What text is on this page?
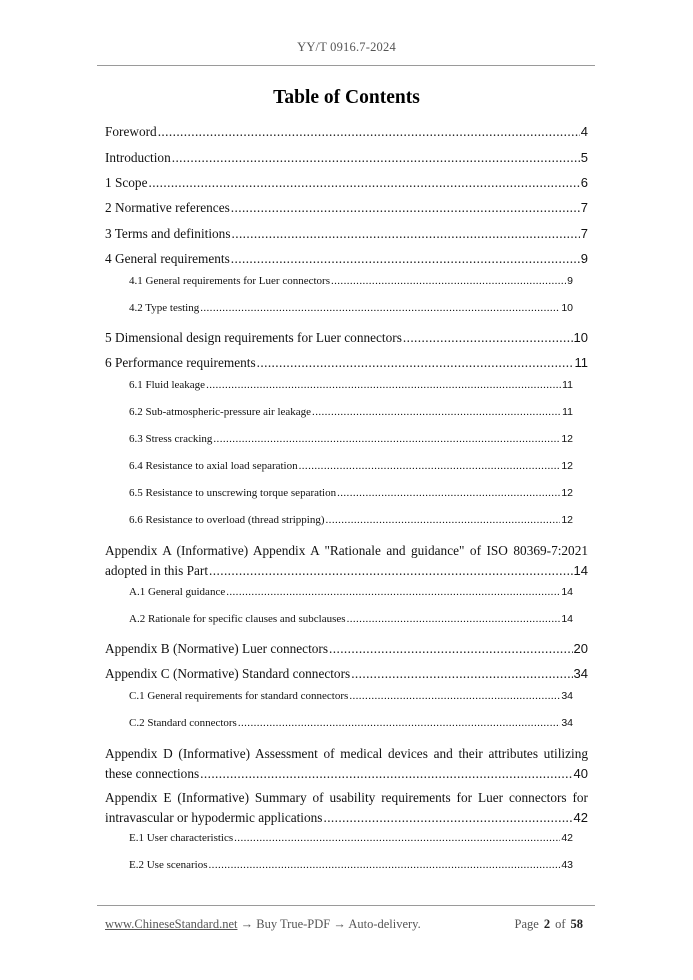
YY/T 0916.7-2024
Table of Contents
Foreword .....	4
Introduction .....	5
1 Scope .....	6
2 Normative references .....	7
3 Terms and definitions .....	7
4 General requirements .....	9
4.1 General requirements for Luer connectors .....	9
4.2 Type testing .....	10
5 Dimensional design requirements for Luer connectors .....	10
6 Performance requirements .....	11
6.1 Fluid leakage .....	11
6.2 Sub-atmospheric-pressure air leakage .....	11
6.3 Stress cracking .....	12
6.4 Resistance to axial load separation .....	12
6.5 Resistance to unscrewing torque separation .....	12
6.6 Resistance to overload (thread stripping) .....	12
Appendix A (Informative) Appendix A "Rationale and guidance" of ISO 80369-7:2021
adopted in this Part .....	14
A.1 General guidance .....	14
A.2 Rationale for specific clauses and subclauses .....	14
Appendix B (Normative) Luer connectors .....	20
Appendix C (Normative) Standard connectors .....	34
C.1 General requirements for standard connectors .....	34
C.2 Standard connectors .....	34
Appendix D (Informative) Assessment of medical devices and their attributes utilizing
these connections .....	40
Appendix E (Informative) Summary of usability requirements for Luer connectors for
intravascular or hypodermic applications .....	42
E.1 User characteristics .....	42
E.2 Use scenarios .....	43
www.ChineseStandard.net → Buy True-PDF → Auto-delivery.	Page 2 of 58
